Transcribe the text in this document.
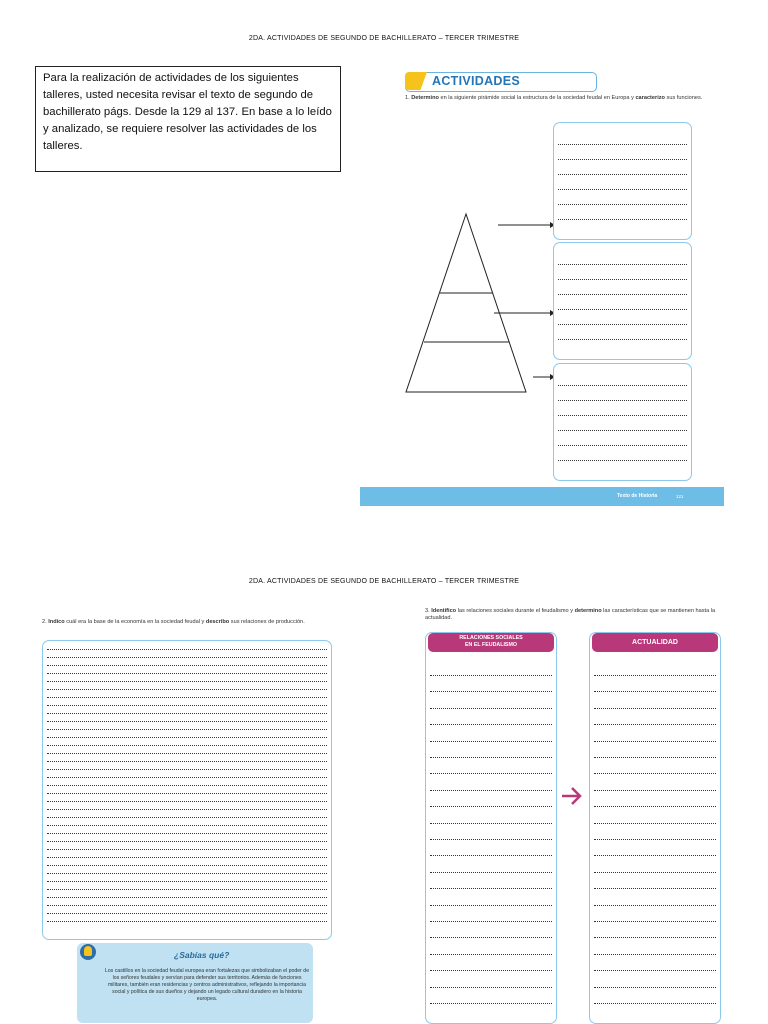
2DA. ACTIVIDADES DE SEGUNDO DE BACHILLERATO – TERCER TRIMESTRE
Para la realización de actividades de los siguientes talleres, usted necesita revisar el texto de segundo de bachillerato págs. Desde la 129 al 137. En base a lo leído y analizado, se requiere resolver las actividades de los talleres.
ACTIVIDADES
1. Determino en la siguiente pirámide social la estructura de la sociedad feudal en Europa y caracterizo sus funciones.
Texto de Historia	121
2DA. ACTIVIDADES DE SEGUNDO DE BACHILLERATO – TERCER TRIMESTRE
2. Indico cuál era la base de la economía en la sociedad feudal y describo sus relaciones de producción.
¿Sabías qué?
Los castillos en la sociedad feudal europea eran fortalezas que simbolizaban el poder de los señores feudales y servían para defender sus territorios. Además de funciones militares, también eran residencias y centros administrativos, reflejando la importancia social y política de sus dueños y dejando un legado cultural duradero en la historia europea.
3. Identifico las relaciones sociales durante el feudalismo y determino las características que se mantienen hasta la actualidad.
RELACIONES SOCIALES
EN EL FEUDALISMO	ACTUALIDAD
